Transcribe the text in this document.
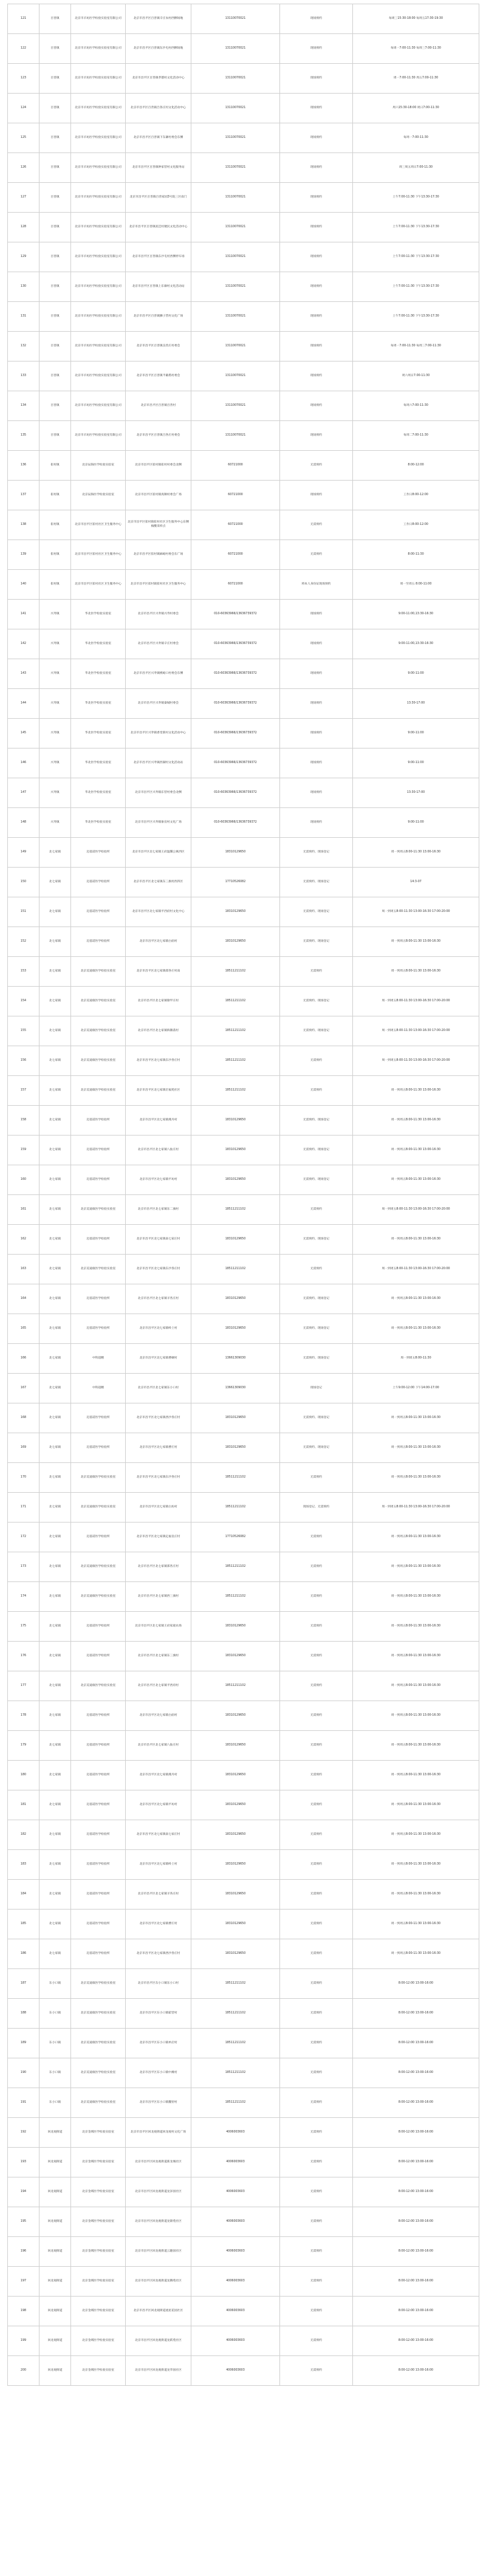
121	百善镇	北京市羊坊医学检验实验室有限公司	北京市昌平区百善镇辛庄农村西侧场地	13110070021	现场预约	每周三15:30-18:00 每周五17:30-19:30
122	百善镇	北京市羊坊医学检验实验室有限公司	北京市昌平区百善镇东沙屯村西侧场地	13110070021	现场预约	每周一7:00-11:30 每周三7:00-11:30
123	百善镇	北京市羊坊医学检验实验室有限公司	北京市昌平区百善镇孝德村文化活动中心	13110070021	现场预约	周一7:00-11:30 周五7:00-11:30
124	百善镇	北京市羊坊医学检验实验室有限公司	北京市昌平区百善镇吕各庄村文化活动中心	13110070021	现场预约	周六15:30-18:00 周日7:00-11:30
125	百善镇	北京市羊坊医学检验实验室有限公司	北京市昌平区百善镇下东廓村委会东侧	13110070021	现场预约	每周一7:00-11:30
126	百善镇	北京市羊坊医学检验实验室有限公司	北京市昌平区百善镇钟家营村文化服务站	13110070021	现场预约	周三周五周日7:00-11:30
127	百善镇	北京市羊坊医学检验实验室有限公司	北京市昌平区百善镇百善家园3号院三区南门	13110070021	现场预约	上午7:00-11:30 下午13:30-17:30
128	百善镇	北京市羊坊医学检验实验室有限公司	北京市昌平区百善镇泥洼村便民文化活动中心	13110070021	现场预约	上午7:00-11:30 下午13:30-17:30
129	百善镇	北京市羊坊医学检验实验室有限公司	北京市昌平区百善镇东沙屯村西侧停车场	13110070021	现场预约	上午7:00-11:30 下午13:30-17:30
130	百善镇	北京市羊坊医学检验实验室有限公司	北京市昌平区百善镇上东廓村文化活动站	13110070021	现场预约	上午7:00-11:30 下午13:30-17:30
131	百善镇	北京市羊坊医学检验实验室有限公司	北京市昌平区百善镇狮子营村文化广场	13110070021	现场预约	上午7:00-11:30 下午13:30-17:30
132	百善镇	北京市羊坊医学检验实验室有限公司	北京市昌平区百善镇良善庄村委会	13110070021	现场预约	每周一7:00-11:30 每周三7:00-11:30
133	百善镇	北京市羊坊医学检验实验室有限公司	北京市昌平区百善镇半截塔村委会	13110070021	现场预约	周六周日7:00-11:30
134	百善镇	北京市羊坊医学检验实验室有限公司	北京市昌平区百善镇百善村	13110070021	现场预约	每周六7:00-11:30
135	百善镇	北京市羊坊医学检验实验室有限公司	北京市昌平区百善镇吕各庄村委会	13110070021	现场预约	每周二7:00-11:30
136	崔村镇	北京辰海医学检验实验室	北京市昌平区崔村镇崔村村委会北侧	60721000	无需预约	8:00-12:00
137	崔村镇	北京辰海医学检验实验室	北京市昌平区崔村镇真顺村委会广场	60721000	现场预约	工作日8:00-12:00
138	崔村镇	北京市昌平区崔村社区卫生服务中心	北京市昌平区崔村镇崔村社区卫生服务中心东侧核酸采样点	60721000	无需预约	工作日8:00-12:00
139	崔村镇	北京市昌平区崔村社区卫生服务中心	北京市昌平区崔村镇麻峪村委会东广场	60721000	无需预约	8:00-11:30
140	崔村镇	北京市昌平区崔村社区卫生服务中心	北京市昌平区崔村镇崔村社区卫生服务中心	60721000	将本人身份证现场预约	周一至周五 8:00-11:00
141	兴寿镇	华北医学检验实验室	北京市昌平区兴寿镇兴寿村委会	010-60363966/13636739372	现场预约	9:00-11:00,13:30-16:30
142	兴寿镇	华北医学检验实验室	北京市昌平区兴寿镇辛庄村委会	010-60363966/13636739372	现场预约	9:00-11:00,13:30-16:30
143	兴寿镇	华北医学检验实验室	北京市昌平区兴寿镇桃峪口村委会东侧	010-60363966/13636739372	现场预约	9:00-11:00
144	兴寿镇	华北医学检验实验室	北京市昌平区兴寿镇秦城村委会	010-60363966/13636739372	现场预约	13:30-17:00
145	兴寿镇	华北医学检验实验室	北京市昌平区兴寿镇香堂新村文化活动中心	010-60363966/13636739372	现场预约	9:00-11:00
146	兴寿镇	华北医学检验实验室	北京市昌平区兴寿镇西湖村文化活动站	010-60363966/13636739372	现场预约	9:00-11:00
147	兴寿镇	华北医学检验实验室	北京市昌平区兴寿镇东营村委会北侧	010-60363966/13636739372	现场预约	13:30-17:00
148	兴寿镇	华北医学检验实验室	北京市昌平区兴寿镇象房村文化广场	010-60363966/13636739372	现场预约	9:00-11:00
149	北七家镇	迈基诺医学检验所	北京市昌平区北七家镇王府温馨公寓西区	18310129650	无需预约、现场登记	周一到周五8:00-11:30 13:00-16:30
150	北七家镇	迈基诺医学检验所	北京市昌平区北七家镇东三旗村西四区	17710526082	无需预约、现场登记	14:3-07
151	北七家镇	迈基诺医学检验所	北京市昌平区北七家镇平西府村文化中心	18310129650	无需预约、现场登记	周一到周五8:00-11:30 13:00-16:30 17:00-20:00
152	北七家镇	迈基诺医学检验所	北京市昌平区北七家镇白庙村	18310129650	无需预约、现场登记	周一到周五8:00-11:30 13:00-16:30
153	北七家镇	北京美迪康医学检验实验室	北京市昌平区北七家镇郑各庄村南	18511211102	无需预约	周一到周五8:00-11:30 13:00-16:30
154	北七家镇	北京美迪康医学检验实验室	北京市昌平区北七家镇歇甲庄村	18511211102	无需预约、现场登记	周一到周五8:00-11:30 13:00-16:30 17:00-20:00
155	北七家镇	北京美迪康医学检验实验室	北京市昌平区北七家镇海鶄落村	18511211102	无需预约、现场登记	周一到周五8:00-11:30 13:00-16:30 17:00-20:00
156	北七家镇	北京美迪康医学检验实验室	北京市昌平区北七家镇东沙各庄村	18511211102	无需预约	周一到周五8:00-11:30 13:00-16:30 17:00-20:00
157	北七家镇	北京美迪康医学检验实验室	北京市昌平区北七家镇宏福苑社区	18511211102	无需预约	周一到周五8:00-11:30 13:00-16:30
158	北七家镇	迈基诺医学检验所	北京市昌平区北七家镇燕丹村	18310129650	无需预约、现场登记	周一到周五8:00-11:30 13:00-16:30
159	北七家镇	迈基诺医学检验所	北京市昌平区北七家镇八仙庄村	18310129650	无需预约、现场登记	周一到周五8:00-11:30 13:00-16:30
160	北七家镇	迈基诺医学检验所	北京市昌平区北七家镇平坊村	18310129650	无需预约、现场登记	周一到周五8:00-11:30 13:00-16:30
161	北七家镇	北京美迪康医学检验实验室	北京市昌平区北七家镇东二旗村	18511211102	无需预约	周一到周五8:00-11:30 13:00-16:30 17:00-20:00
162	北七家镇	迈基诺医学检验所	北京市昌平区北七家镇南七家庄村	18310129650	无需预约、现场登记	周一到周五8:00-11:30 13:00-16:30
163	北七家镇	北京美迪康医学检验实验室	北京市昌平区北七家镇东沙各庄村	18511211102	无需预约	周一到周五8:00-11:30 13:00-16:30 17:00-20:00
164	北七家镇	迈基诺医学检验所	北京市昌平区北七家镇羊各庄村	18310129650	无需预约、现场登记	周一到周五8:00-11:30 13:00-16:30
165	北七家镇	迈基诺医学检验所	北京市昌平区北七家镇岭上村	18310129650	无需预约、现场登记	周一到周五8:00-11:30 13:00-16:30
166	北七家镇	中科超精	北京市昌平区北七家镇曹碾村	13661309030	无需预约、现场登记	周一到周五8:00-11:30
167	北七家镇	中科超精	北京市昌平区北七家镇东小口村	13661309030	现场登记	上午9:00-12:00 下午14:00-17:00
168	北七家镇	迈基诺医学检验所	北京市昌平区北七家镇西沙各庄村	18310129650	无需预约、现场登记	周一到周五8:00-11:30 13:00-16:30
169	北七家镇	迈基诺医学检验所	北京市昌平区北七家镇曹庄村	18310129650	无需预约、现场登记	周一到周五8:00-11:30 13:00-16:30
170	北七家镇	北京美迪康医学检验实验室	北京市昌平区北七家镇东沙各庄村	18511211102	无需预约	周一到周五8:00-11:30 13:00-16:30
171	北七家镇	北京美迪康医学检验实验室	北京市昌平区北七家镇白坊村	18511211102	现场登记、无需预约	周一到周五8:00-11:30 13:00-16:30 17:00-20:00
172	北七家镇	迈基诺医学检验所	北京市昌平区北七家镇定福皇庄村	17710526082	无需预约	周一到周五8:00-11:30 13:00-16:30
173	北七家镇	北京美迪康医学检验实验室	北京市昌平区北七家镇郑各庄村	18511211102	无需预约	周一到周五8:00-11:30 13:00-16:30
174	北七家镇	北京美迪康医学检验实验室	北京市昌平区北七家镇西三旗村	18511211102	无需预约	周一到周五8:00-11:30 13:00-16:30
175	北七家镇	迈基诺医学检验所	北京市昌平区北七家镇王府家庭农场	18310129650	无需预约	周一到周五8:00-11:30 13:00-16:30
176	北七家镇	迈基诺医学检验所	北京市昌平区北七家镇东三旗村	18310129650	无需预约	周一到周五8:00-11:30 13:00-16:30
177	北七家镇	北京美迪康医学检验实验室	北京市昌平区北七家镇平西府村	18511211102	无需预约	周一到周五8:00-11:30 13:00-16:30
178	北七家镇	迈基诺医学检验所	北京市昌平区北七家镇白庙村	18310129650	无需预约	周一到周五8:00-11:30 13:00-16:30
179	北七家镇	迈基诺医学检验所	北京市昌平区北七家镇八仙庄村	18310129650	无需预约	周一到周五8:00-11:30 13:00-16:30
180	北七家镇	迈基诺医学检验所	北京市昌平区北七家镇燕丹村	18310129650	无需预约	周一到周五8:00-11:30 13:00-16:30
181	北七家镇	迈基诺医学检验所	北京市昌平区北七家镇平坊村	18310129650	无需预约	周一到周五8:00-11:30 13:00-16:30
182	北七家镇	迈基诺医学检验所	北京市昌平区北七家镇南七家庄村	18310129650	无需预约	周一到周五8:00-11:30 13:00-16:30
183	北七家镇	迈基诺医学检验所	北京市昌平区北七家镇岭上村	18310129650	无需预约	周一到周五8:00-11:30 13:00-16:30
184	北七家镇	迈基诺医学检验所	北京市昌平区北七家镇羊各庄村	18310129650	无需预约	周一到周五8:00-11:30 13:00-16:30
185	北七家镇	迈基诺医学检验所	北京市昌平区北七家镇曹庄村	18310129650	无需预约	周一到周五8:00-11:30 13:00-16:30
186	北七家镇	迈基诺医学检验所	北京市昌平区北七家镇西沙各庄村	18310129650	无需预约	周一到周五8:00-11:30 13:00-16:30
187	东小口镇	北京美迪康医学检验实验室	北京市昌平区东小口镇东小口村	18511211102	无需预约	8:00-12:00 13:00-16:00
188	东小口镇	北京美迪康医学检验实验室	北京市昌平区东小口镇霍营村	18511211102	无需预约	8:00-12:00 13:00-16:00
189	东小口镇	北京美迪康医学检验实验室	北京市昌平区东小口镇单店村	18511211102	无需预约	8:00-12:00 13:00-16:00
190	东小口镇	北京美迪康医学检验实验室	北京市昌平区东小口镇中滩村	18511211102	无需预约	8:00-12:00 13:00-16:00
191	东小口镇	北京美迪康医学检验实验室	北京市昌平区东小口镇魏窑村	18511211102	无需预约	8:00-12:00 13:00-16:00
192	回龙观街道	北京金域医学检验实验室	北京市昌平区回龙观街道回龙观村文化广场	4006003603	无需预约	8:00-12:00 13:00-16:00
193	回龙观街道	北京金域医学检验实验室	北京市昌平区回龙观街道新龙城社区	4006003603	无需预约	8:00-12:00 13:00-16:00
194	回龙观街道	北京金域医学检验实验室	北京市昌平区回龙观街道龙泽园社区	4006003603	无需预约	8:00-12:00 13:00-16:00
195	回龙观街道	北京金域医学检验实验室	北京市昌平区回龙观街道龙锦苑社区	4006003603	无需预约	8:00-12:00 13:00-16:00
196	回龙观街道	北京金域医学检验实验室	北京市昌平区回龙观街道云趣园社区	4006003603	无需预约	8:00-12:00 13:00-16:00
197	回龙观街道	北京金域医学检验实验室	北京市昌平区回龙观街道龙腾苑社区	4006003603	无需预约	8:00-12:00 13:00-16:00
198	回龙观街道	北京金域医学检验实验室	北京市昌平区回龙观街道流星花园社区	4006003603	无需预约	8:00-12:00 13:00-16:00
199	回龙观街道	北京金域医学检验实验室	北京市昌平区回龙观街道龙跃苑社区	4006003603	无需预约	8:00-12:00 13:00-16:00
200	回龙观街道	北京金域医学检验实验室	北京市昌平区回龙观街道龙华园社区	4006003603	无需预约	8:00-12:00 13:00-16:00
